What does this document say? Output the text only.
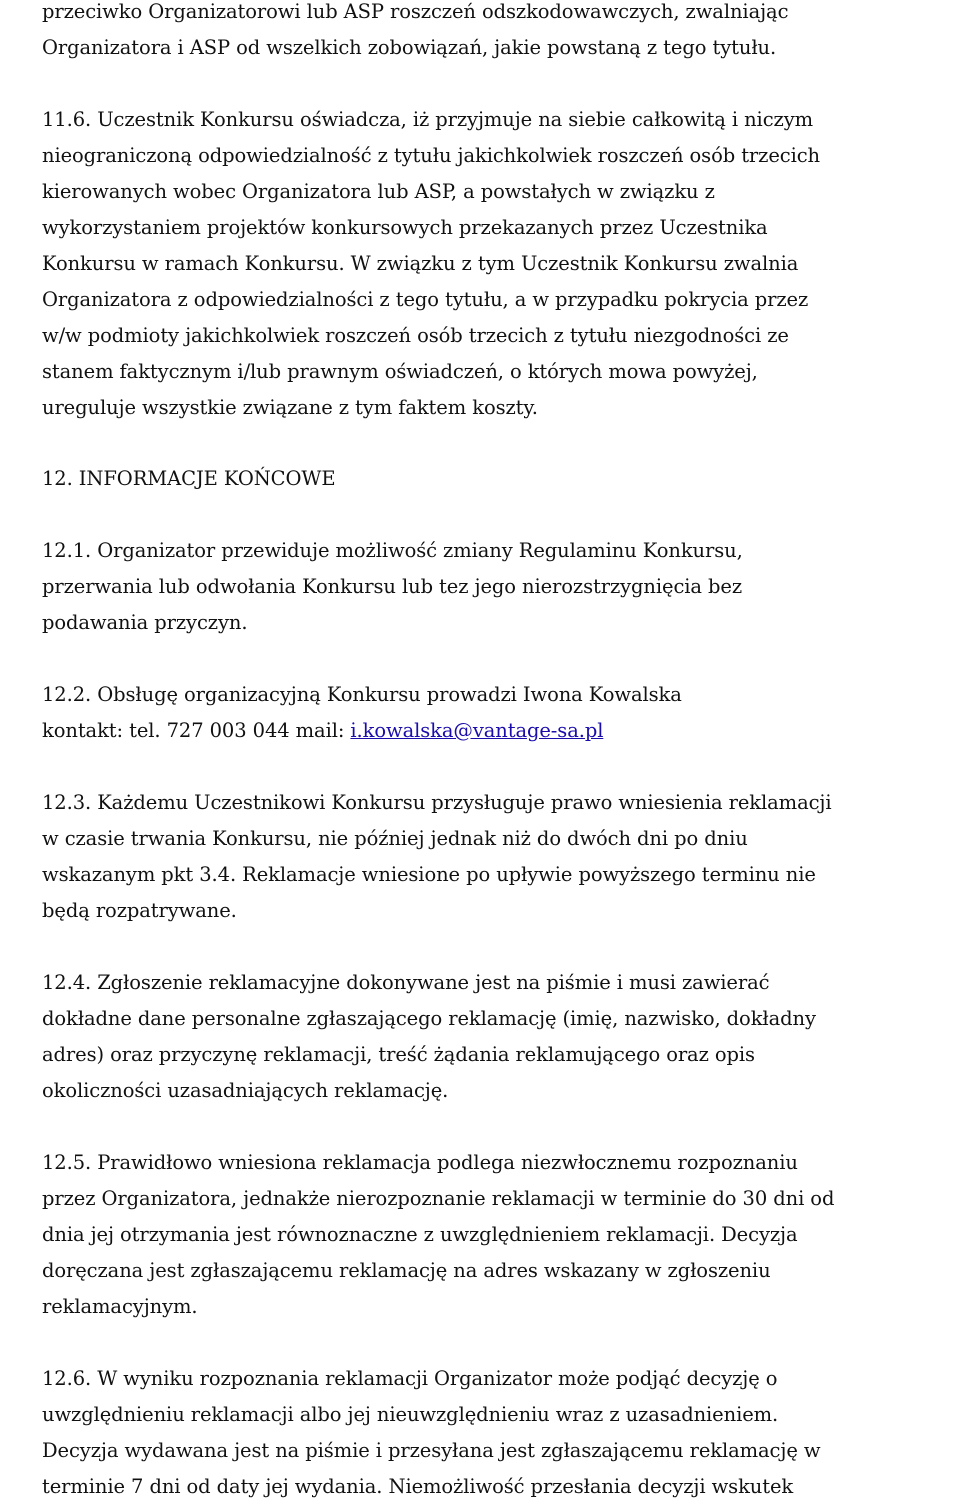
przeciwko Organizatorowi lub ASP roszczeń odszkodowawczych, zwalniając
Organizatora i ASP od wszelkich zobowiązań, jakie powstaną z tego tytułu.
11.6. Uczestnik Konkursu oświadcza, iż przyjmuje na siebie całkowitą i niczym
nieograniczoną odpowiedzialność z tytułu jakichkolwiek roszczeń osób trzecich
kierowanych wobec Organizatora lub ASP, a powstałych w związku z
wykorzystaniem projektów konkursowych przekazanych przez Uczestnika
Konkursu w ramach Konkursu. W związku z tym Uczestnik Konkursu zwalnia
Organizatora z odpowiedzialności z tego tytułu, a w przypadku pokrycia przez
w/w podmioty jakichkolwiek roszczeń osób trzecich z tytułu niezgodności ze
stanem faktycznym i/lub prawnym oświadczeń, o których mowa powyżej,
ureguluje wszystkie związane z tym faktem koszty.
12. INFORMACJE KOŃCOWE
12.1. Organizator przewiduje możliwość zmiany Regulaminu Konkursu,
przerwania lub odwołania Konkursu lub tez jego nierozstrzygnięcia bez
podawania przyczyn.
12.2. Obsługę organizacyjną Konkursu prowadzi Iwona Kowalska
kontakt: tel. 727 003 044 mail: i.kowalska@vantage-sa.pl
12.3. Każdemu Uczestnikowi Konkursu przysługuje prawo wniesienia reklamacji
w czasie trwania Konkursu, nie później jednak niż do dwóch dni po dniu
wskazanym pkt 3.4. Reklamacje wniesione po upływie powyższego terminu nie
będą rozpatrywane.
12.4. Zgłoszenie reklamacyjne dokonywane jest na piśmie i musi zawierać
dokładne dane personalne zgłaszającego reklamację (imię, nazwisko, dokładny
adres) oraz przyczynę reklamacji, treść żądania reklamującego oraz opis
okoliczności uzasadniających reklamację.
12.5. Prawidłowo wniesiona reklamacja podlega niezwłocznemu rozpoznaniu
przez Organizatora, jednakże nierozpoznanie reklamacji w terminie do 30 dni od
dnia jej otrzymania jest równoznaczne z uwzględnieniem reklamacji. Decyzja
doręczana jest zgłaszającemu reklamację na adres wskazany w zgłoszeniu
reklamacyjnym.
12.6. W wyniku rozpoznania reklamacji Organizator może podjąć decyzję o
uwzględnieniu reklamacji albo jej nieuwzględnieniu wraz z uzasadnieniem.
Decyzja wydawana jest na piśmie i przesyłana jest zgłaszającemu reklamację w
terminie 7 dni od daty jej wydania. Niemożliwość przesłania decyzji wskutek
